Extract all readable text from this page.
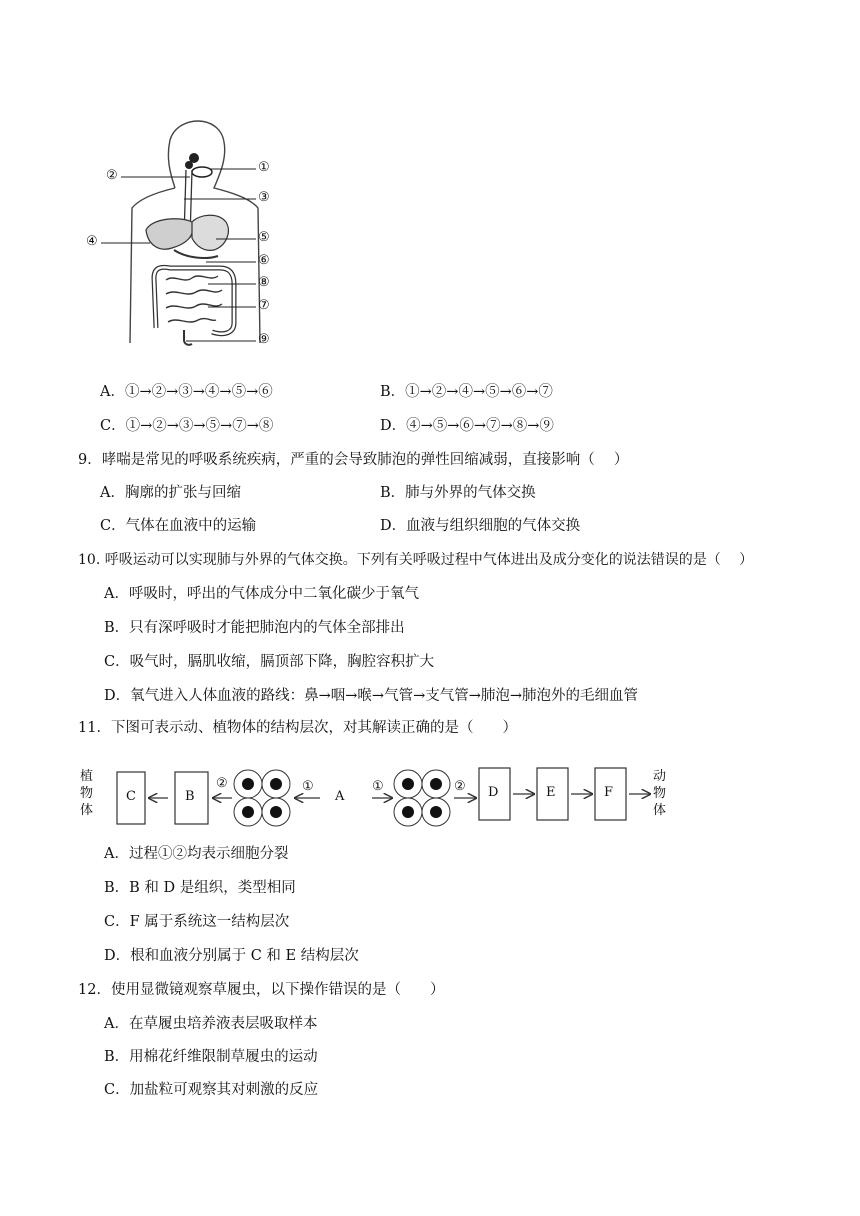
①
②
③
④	⑤
⑥
⑧
⑦
⑨
A．①→②→③→④→⑤→⑥	B．①→②→④→⑤→⑥→⑦
C．①→②→③→⑤→⑦→⑧	D．④→⑤→⑥→⑦→⑧→⑨
9．哮喘是常见的呼吸系统疾病，严重的会导致肺泡的弹性回缩减弱，直接影响（　 ）
A．胸廓的扩张与回缩	B．肺与外界的气体交换
C．气体在血液中的运输	D．血液与组织细胞的气体交换
10. 呼吸运动可以实现肺与外界的气体交换。下列有关呼吸过程中气体进出及成分变化的说法错误的是（　 ）
A．呼吸时，呼出的气体成分中二氧化碳少于氧气
B．只有深呼吸时才能把肺泡内的气体全部排出
C．吸气时，膈肌收缩，膈顶部下降，胸腔容积扩大
D．氧气进入人体血液的路线：鼻→咽→喉→气管→支气管→肺泡→肺泡外的毛细血管
11．下图可表示动、植物体的结构层次，对其解读正确的是（　　）
植
物
体
动
物
体
C	B	A	D	E	F
②	①	①	②
A．过程①②均表示细胞分裂
B．B 和 D 是组织，类型相同
C．F 属于系统这一结构层次
D．根和血液分别属于 C 和 E 结构层次
12．使用显微镜观察草履虫，以下操作错误的是（　　）
A．在草履虫培养液表层吸取样本
B．用棉花纤维限制草履虫的运动
C．加盐粒可观察其对刺激的反应
